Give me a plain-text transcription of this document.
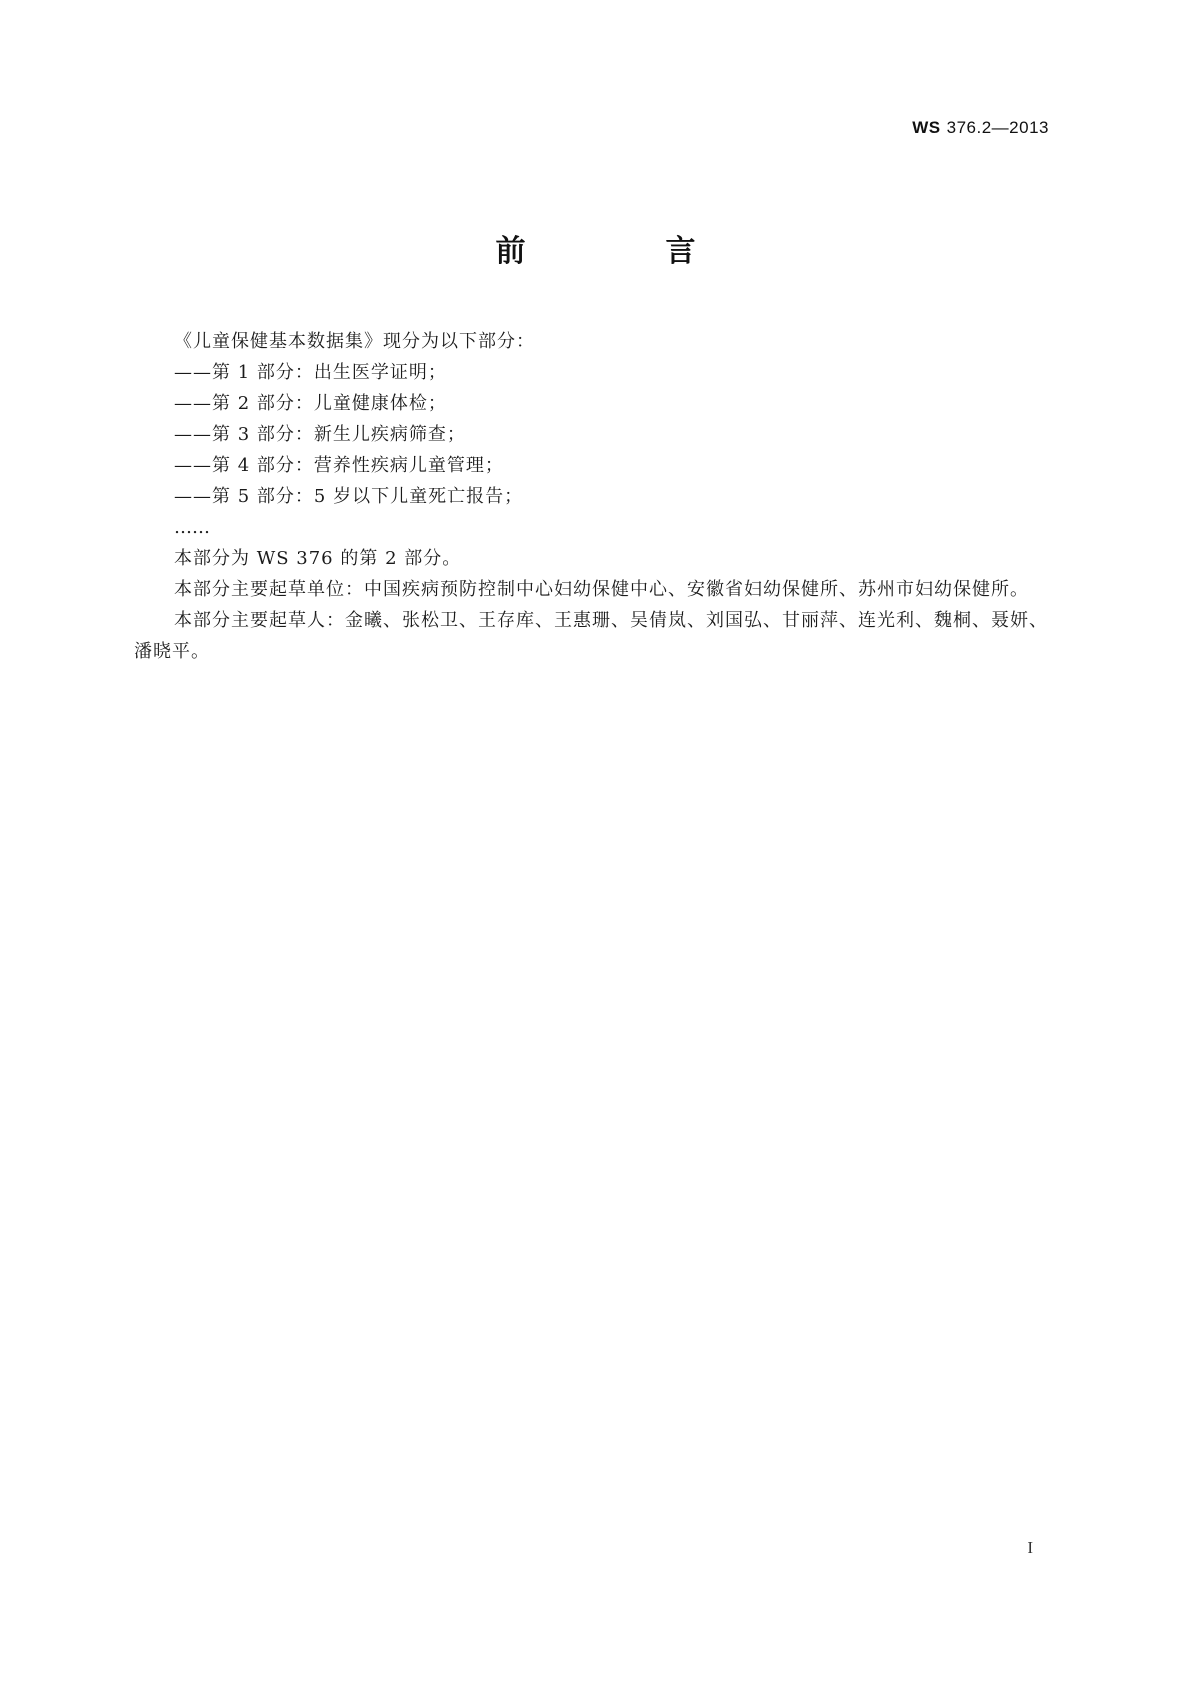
WS 376.2—2013
前　言

《儿童保健基本数据集》现分为以下部分：

——第 1 部分：出生医学证明；

——第 2 部分：儿童健康体检；

——第 3 部分：新生儿疾病筛查；

——第 4 部分：营养性疾病儿童管理；

——第 5 部分：5 岁以下儿童死亡报告；

……

本部分为 WS 376 的第 2 部分。

本部分主要起草单位：中国疾病预防控制中心妇幼保健中心、安徽省妇幼保健所、苏州市妇幼保健所。

本部分主要起草人：金曦、张松卫、王存库、王惠珊、吴倩岚、刘国弘、甘丽萍、连光利、魏桐、聂妍、潘晓平。

I
